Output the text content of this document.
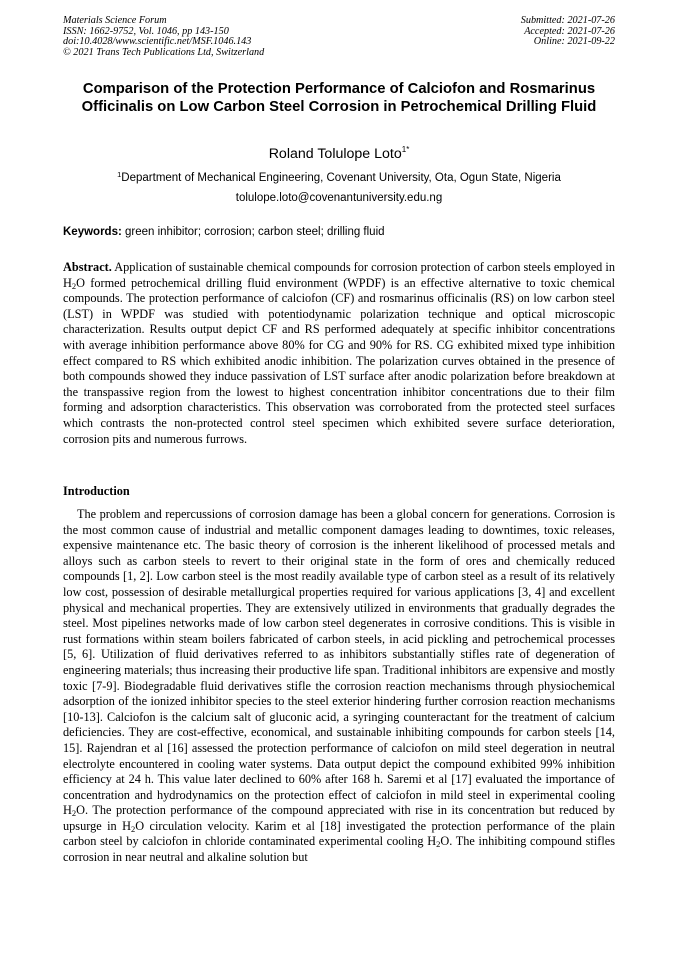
Materials Science Forum
ISSN: 1662-9752, Vol. 1046, pp 143-150
doi:10.4028/www.scientific.net/MSF.1046.143
© 2021 Trans Tech Publications Ltd, Switzerland
Submitted: 2021-07-26
Accepted: 2021-07-26
Online: 2021-09-22
Comparison of the Protection Performance of Calciofon and Rosmarinus Officinalis on Low Carbon Steel Corrosion in Petrochemical Drilling Fluid
Roland Tolulope Loto$^{1*}$
$^1$Department of Mechanical Engineering, Covenant University, Ota, Ogun State, Nigeria
tolulope.loto@covenantuniversity.edu.ng
Keywords: green inhibitor; corrosion; carbon steel; drilling fluid

Abstract. Application of sustainable chemical compounds for corrosion protection of carbon steels employed in $H_2O$ formed petrochemical drilling fluid environment (WPDF) is an effective alternative to toxic chemical compounds. The protection performance of calciofon (CF) and rosmarinus officinalis (RS) on low carbon steel (LST) in WPDF was studied with potentiodynamic polarization technique and optical microscopic characterization. Results output depict CF and RS performed adequately at specific inhibitor concentrations with average inhibition performance above 80% for CG and 90% for RS. CG exhibited mixed type inhibition effect compared to RS which exhibited anodic inhibition. The polarization curves obtained in the presence of both compounds showed they induce passivation of LST surface after anodic polarization before breakdown at the transpassive region from the lowest to highest concentration inhibitor concentrations due to their film forming and adsorption characteristics. This observation was corroborated from the protected steel surfaces which contrasts the non-protected control steel specimen which exhibited severe surface deterioration, corrosion pits and numerous furrows.

Introduction

The problem and repercussions of corrosion damage has been a global concern for generations. Corrosion is the most common cause of industrial and metallic component damages leading to downtimes, toxic releases, expensive maintenance etc. The basic theory of corrosion is the inherent likelihood of processed metals and alloys such as carbon steels to revert to their original state in the form of ores and chemically reduced compounds [1, 2]. Low carbon steel is the most readily available type of carbon steel as a result of its relatively low cost, possession of desirable metallurgical properties required for various applications [3, 4] and excellent physical and mechanical properties. They are extensively utilized in environments that gradually degrades the steel. Most pipelines networks made of low carbon steel degenerates in corrosive conditions. This is visible in rust formations within steam boilers fabricated of carbon steels, in acid pickling and petrochemical processes [5, 6]. Utilization of fluid derivatives referred to as inhibitors substantially stifles rate of degeneration of engineering materials; thus increasing their productive life span. Traditional inhibitors are expensive and mostly toxic [7-9]. Biodegradable fluid derivatives stifle the corrosion reaction mechanisms through physiochemical adsorption of the ionized inhibitor species to the steel exterior hindering further corrosion reaction mechanisms [10-13]. Calciofon is the calcium salt of gluconic acid, a syringing counteractant for the treatment of calcium deficiencies. They are cost-effective, economical, and sustainable inhibiting compounds for carbon steels [14, 15]. Rajendran et al [16] assessed the protection performance of calciofon on mild steel degeration in neutral electrolyte encountered in cooling water systems. Data output depict the compound exhibited 99% inhibition efficiency at 24 h. This value later declined to 60% after 168 h. Saremi et al [17] evaluated the importance of concentration and hydrodynamics on the protection effect of calciofon in mild steel in experimental cooling $H_2O$. The protection performance of the compound appreciated with rise in its concentration but reduced by upsurge in $H_2O$ circulation velocity. Karim et al [18] investigated the protection performance of the plain carbon steel by calciofon in chloride contaminated experimental cooling $H_2O$. The inhibiting compound stifles corrosion in near neutral and alkaline solution but
